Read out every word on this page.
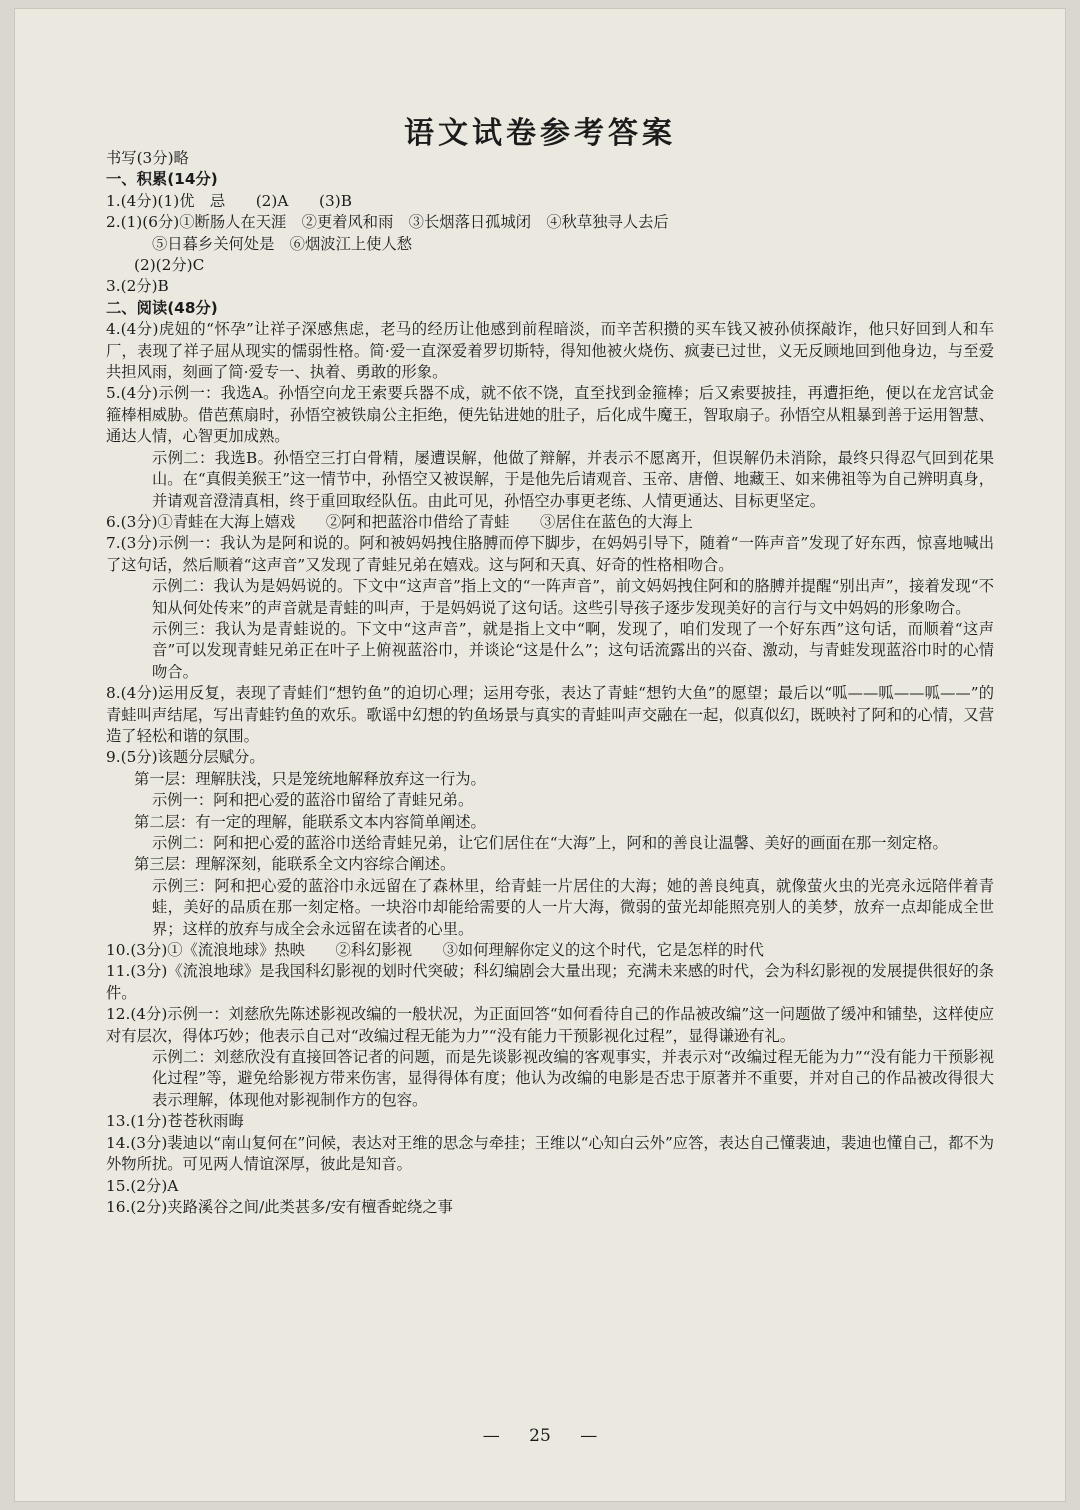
语文试卷参考答案

书写(3分)略

一、积累(14分)

1.(4分)(1)优　忌　　(2)A　　(3)B

2.(1)(6分)①断肠人在天涯　②更着风和雨　③长烟落日孤城闭　④秋草独寻人去后

⑤日暮乡关何处是　⑥烟波江上使人愁

(2)(2分)C

3.(2分)B

二、阅读(48分)

4.(4分)虎妞的“怀孕”让祥子深感焦虑，老马的经历让他感到前程暗淡，而辛苦积攒的买车钱又被孙侦探敲诈，他只好回到人和车厂，表现了祥子屈从现实的懦弱性格。简·爱一直深爱着罗切斯特，得知他被火烧伤、疯妻已过世，义无反顾地回到他身边，与至爱共担风雨，刻画了简·爱专一、执着、勇敢的形象。

5.(4分)示例一：我选A。孙悟空向龙王索要兵器不成，就不依不饶，直至找到金箍棒；后又索要披挂，再遭拒绝，便以在龙宫试金箍棒相威胁。借芭蕉扇时，孙悟空被铁扇公主拒绝，便先钻进她的肚子，后化成牛魔王，智取扇子。孙悟空从粗暴到善于运用智慧、通达人情，心智更加成熟。

示例二：我选B。孙悟空三打白骨精，屡遭误解，他做了辩解，并表示不愿离开，但误解仍未消除，最终只得忍气回到花果山。在“真假美猴王”这一情节中，孙悟空又被误解，于是他先后请观音、玉帝、唐僧、地藏王、如来佛祖等为自己辨明真身，并请观音澄清真相，终于重回取经队伍。由此可见，孙悟空办事更老练、人情更通达、目标更坚定。

6.(3分)①青蛙在大海上嬉戏　　②阿和把蓝浴巾借给了青蛙　　③居住在蓝色的大海上

7.(3分)示例一：我认为是阿和说的。阿和被妈妈拽住胳膊而停下脚步，在妈妈引导下，随着“一阵声音”发现了好东西，惊喜地喊出了这句话，然后顺着“这声音”又发现了青蛙兄弟在嬉戏。这与阿和天真、好奇的性格相吻合。

示例二：我认为是妈妈说的。下文中“这声音”指上文的“一阵声音”，前文妈妈拽住阿和的胳膊并提醒“别出声”，接着发现“不知从何处传来”的声音就是青蛙的叫声，于是妈妈说了这句话。这些引导孩子逐步发现美好的言行与文中妈妈的形象吻合。

示例三：我认为是青蛙说的。下文中“这声音”，就是指上文中“啊，发现了，咱们发现了一个好东西”这句话，而顺着“这声音”可以发现青蛙兄弟正在叶子上俯视蓝浴巾，并谈论“这是什么”；这句话流露出的兴奋、激动，与青蛙发现蓝浴巾时的心情吻合。

8.(4分)运用反复，表现了青蛙们“想钓鱼”的迫切心理；运用夸张，表达了青蛙“想钓大鱼”的愿望；最后以“呱——呱——呱——”的青蛙叫声结尾，写出青蛙钓鱼的欢乐。歌谣中幻想的钓鱼场景与真实的青蛙叫声交融在一起，似真似幻，既映衬了阿和的心情，又营造了轻松和谐的氛围。

9.(5分)该题分层赋分。

第一层：理解肤浅，只是笼统地解释放弃这一行为。

示例一：阿和把心爱的蓝浴巾留给了青蛙兄弟。

第二层：有一定的理解，能联系文本内容简单阐述。

示例二：阿和把心爱的蓝浴巾送给青蛙兄弟，让它们居住在“大海”上，阿和的善良让温馨、美好的画面在那一刻定格。

第三层：理解深刻，能联系全文内容综合阐述。

示例三：阿和把心爱的蓝浴巾永远留在了森林里，给青蛙一片居住的大海；她的善良纯真，就像萤火虫的光亮永远陪伴着青蛙，美好的品质在那一刻定格。一块浴巾却能给需要的人一片大海，微弱的萤光却能照亮别人的美梦，放弃一点却能成全世界；这样的放弃与成全会永远留在读者的心里。

10.(3分)①《流浪地球》热映　　②科幻影视　　③如何理解你定义的这个时代，它是怎样的时代

11.(3分)《流浪地球》是我国科幻影视的划时代突破；科幻编剧会大量出现；充满未来感的时代，会为科幻影视的发展提供很好的条件。

12.(4分)示例一：刘慈欣先陈述影视改编的一般状况，为正面回答“如何看待自己的作品被改编”这一问题做了缓冲和铺垫，这样使应对有层次，得体巧妙；他表示自己对“改编过程无能为力”“没有能力干预影视化过程”，显得谦逊有礼。

示例二：刘慈欣没有直接回答记者的问题，而是先谈影视改编的客观事实，并表示对“改编过程无能为力”“没有能力干预影视化过程”等，避免给影视方带来伤害，显得得体有度；他认为改编的电影是否忠于原著并不重要，并对自己的作品被改得很大表示理解，体现他对影视制作方的包容。

13.(1分)苍苍秋雨晦

14.(3分)裴迪以“南山复何在”问候，表达对王维的思念与牵挂；王维以“心知白云外”应答，表达自己懂裴迪，裴迪也懂自己，都不为外物所扰。可见两人情谊深厚，彼此是知音。

15.(2分)A

16.(2分)夹路溪谷之间/此类甚多/安有檀香蛇绕之事

— 25 —
